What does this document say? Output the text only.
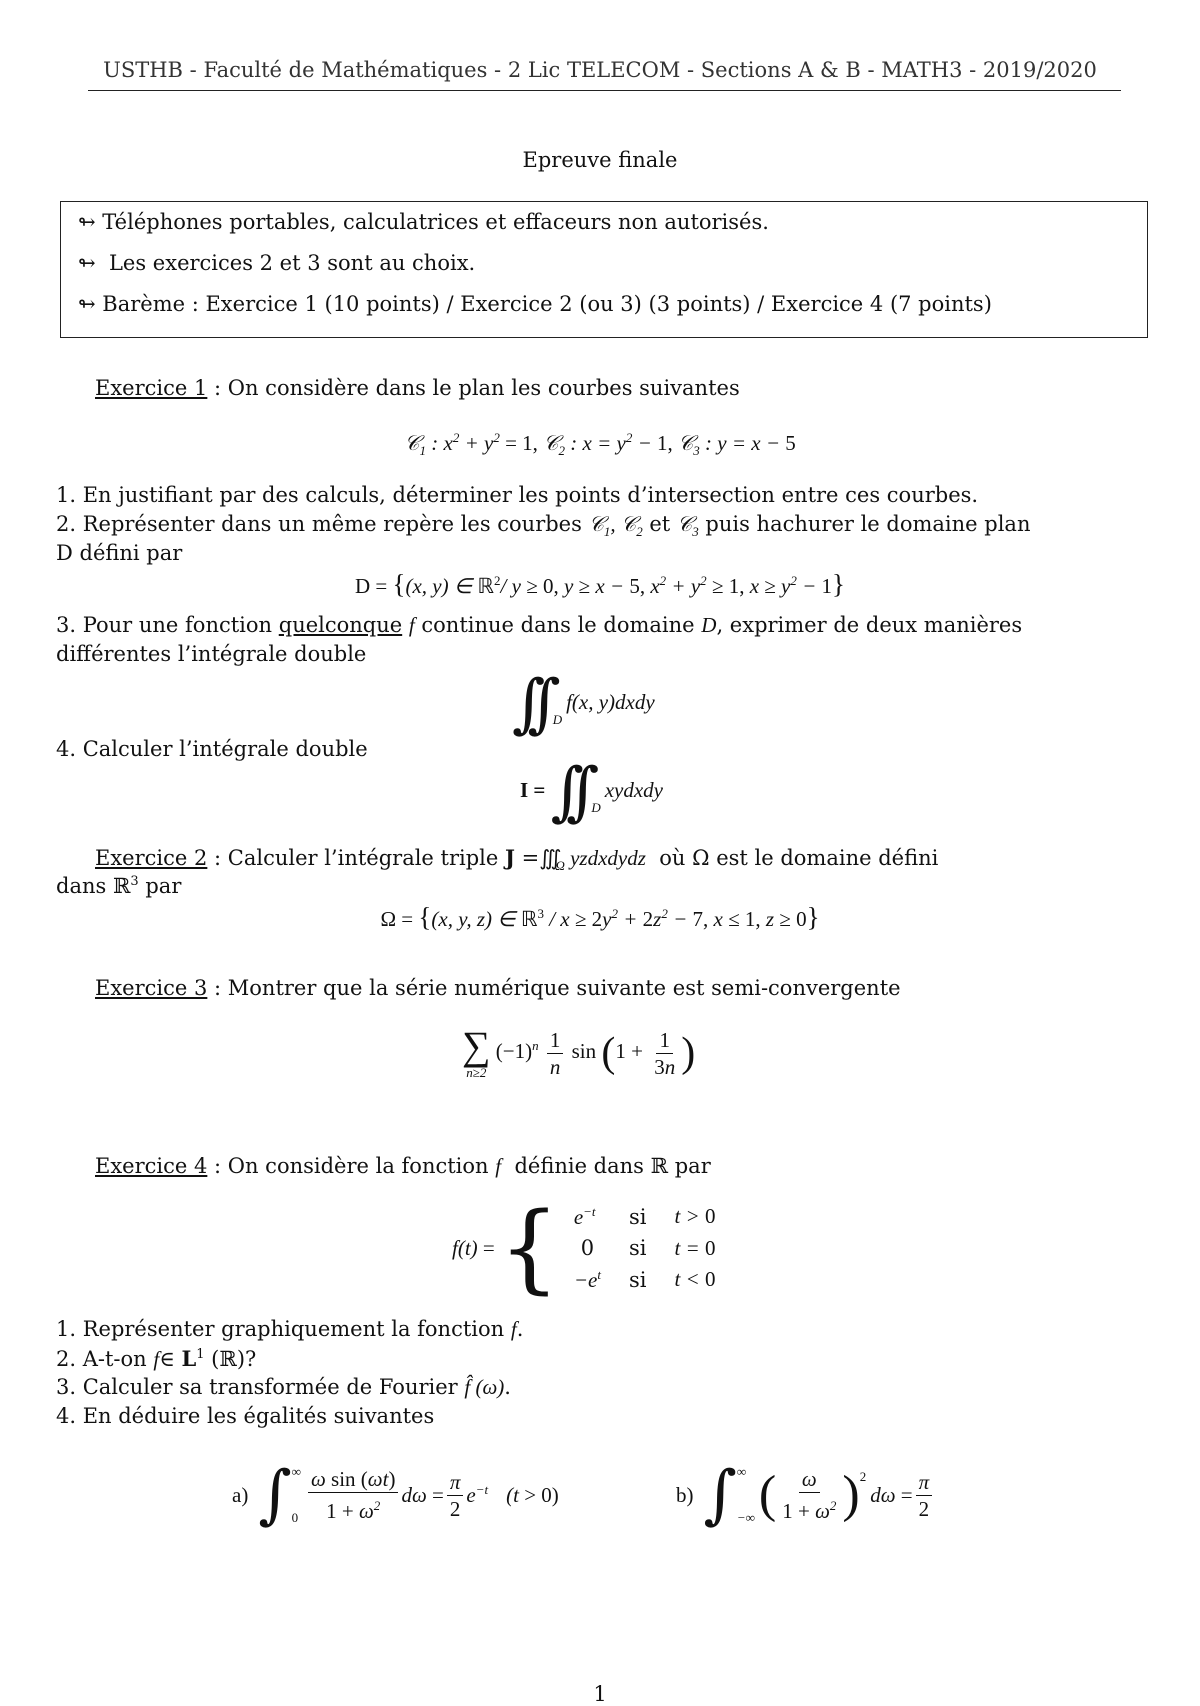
USTHB - Faculté de Mathématiques - 2 Lic TELECOM - Sections A & B - MATH3 - 2019/2020
Epreuve finale
↬ Téléphones portables, calculatrices et effaceurs non autorisés.
↬ Les exercices 2 et 3 sont au choix.
↬ Barème : Exercice 1 (10 points) / Exercice 2 (ou 3) (3 points) / Exercice 4 (7 points)
Exercice 1 : On considère dans le plan les courbes suivantes
𝒞$_1$ : $x^2 + y^2 = 1$, 𝒞$_2$ : $x = y^2 - 1$, 𝒞$_3$ : y = x − 5
1. En justifiant par des calculs, déterminer les points d’intersection entre ces courbes.
2. Représenter dans un même repère les courbes 𝒞$_1$, 𝒞$_2$ et 𝒞$_3$ puis hachurer le domaine plan
D défini par
D = {(x, y) ∈ ℝ$^2$/ y ≥ 0, y ≥ x − 5, $x^2 + y^2 \ge 1$, $x \ge y^2 - 1$}
3. Pour une fonction quelconque f continue dans le domaine D, exprimer de deux manières
différentes l’intégrale double
∫∫ $_D$f(x, y)dxdy
4. Calculer l’intégrale double
I = ∫∫ $_D$xydxdy
Exercice 2 : Calculer l’intégrale triple $J =∭_\Omega$ yzdxdydz où Ω est le domaine défini
dans ℝ$^3$ par
Ω = {(x, y, z) ∈ ℝ$^3$ / $x \ge 2y^2 + 2z^2 - 7$, x ≤ 1, z ≥ 0}
Exercice 3 : Montrer que la série numérique suivante est semi-convergente
∑
n≥2
$(-1)^n \frac{1}{n}$ $\sin (1 + \frac{1}{3n}$ )
Exercice 4 : On considère la fonction f définie dans ℝ par
f(t) = { $e^{-t}$	si	t > 0
0	si	t = 0
$-e^t$	si	t < 0
1. Représenter graphiquement la fonction f.
2. A-t-on f∈ $L^1$ (ℝ)?
3. Calculer sa transformée de Fourier f̂ (ω).
4. En déduire les égalités suivantes
a) ∫ ∞
$0 \frac{\text{ω sin (ωt)}}{1 + \omega^2}$ $d\omega = \frac{\pi}{2} e^{-t}$ (t > 0)	b) ∫ ∞
−∞ ( $\frac{\omega}{1 + \omega^2} )^2$
$d\omega = \frac{\pi}{2}$
1
